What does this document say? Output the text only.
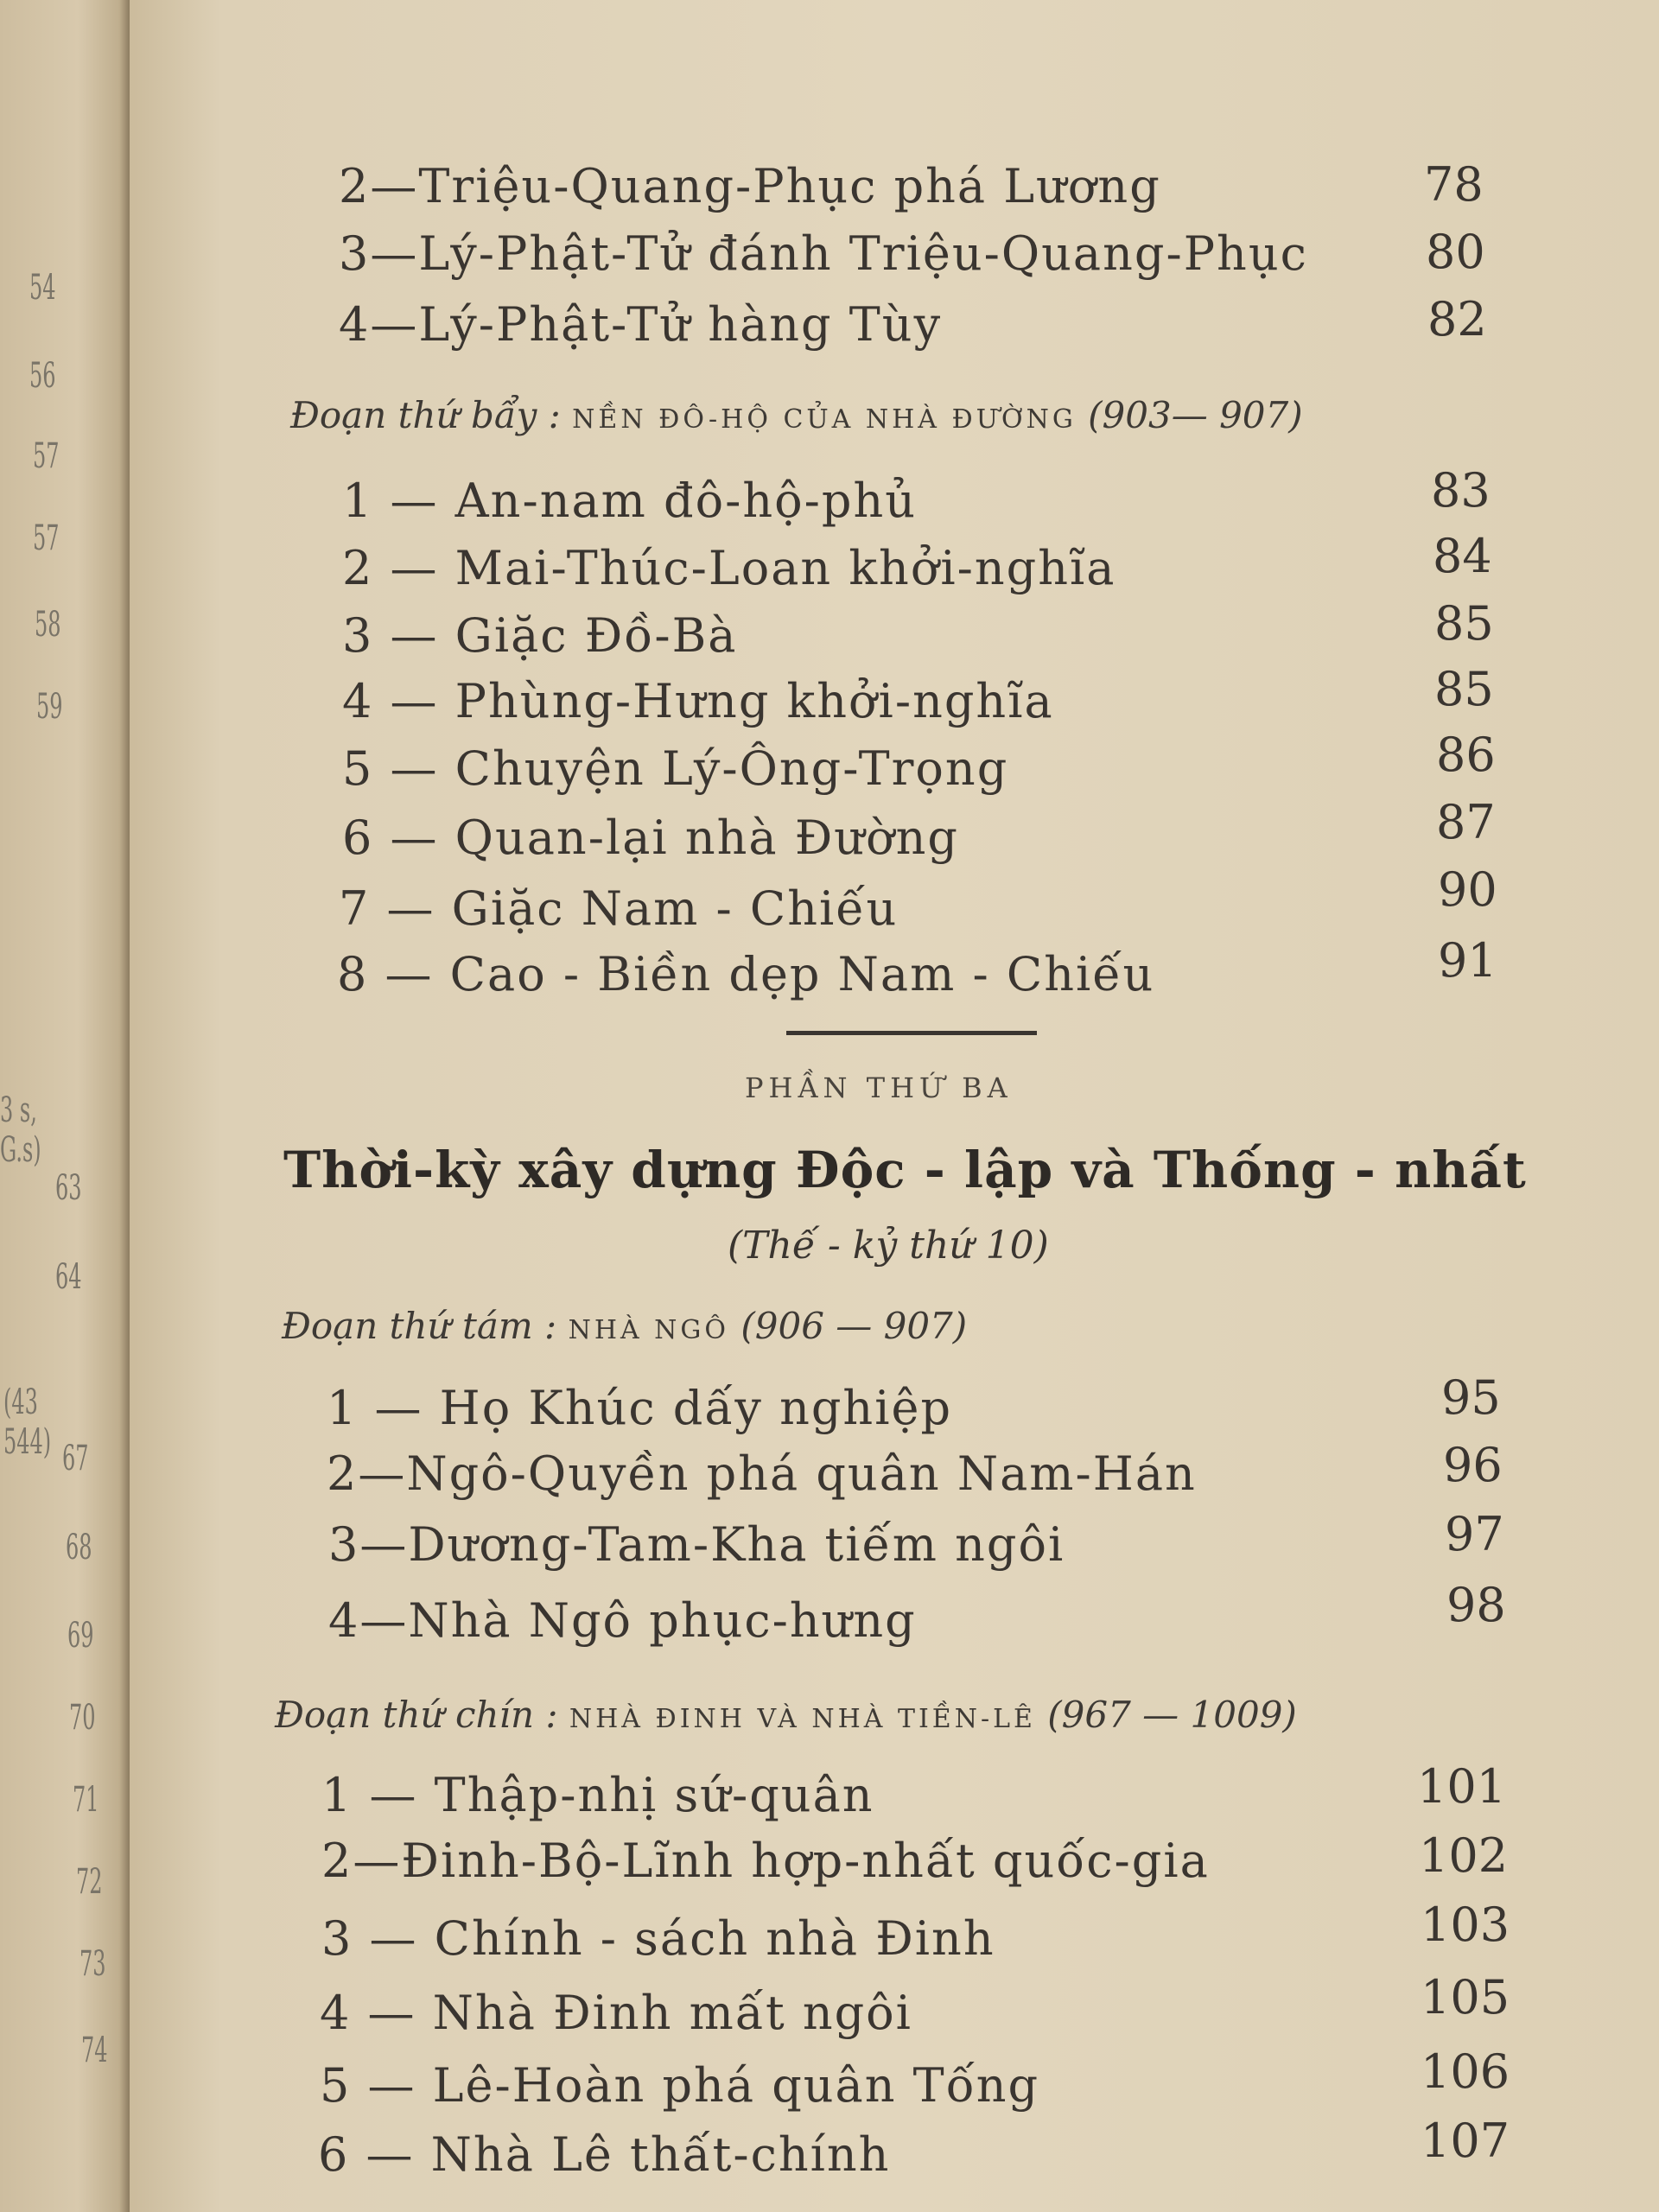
54
56
57
57
58
59
3 s, G.s)
63
64
(43 544) 67
68
69
70
71
72
73
74
2—Triệu-Quang-Phục phá Lương	78
3—Lý-Phật-Tử đánh Triệu-Quang-Phục	80
4—Lý-Phật-Tử hàng Tùy	82
Đoạn thứ bẩy : NỀN ĐÔ-HỘ CỦA NHÀ ĐƯỜNG (903— 907)
1 — An-nam đô-hộ-phủ	83
2 — Mai-Thúc-Loan khởi-nghĩa	84
3 — Giặc Đồ-Bà	85
4 — Phùng-Hưng khởi-nghĩa	85
5 — Chuyện Lý-Ông-Trọng	86
6 — Quan-lại nhà Đường	87
7 — Giặc Nam - Chiếu	90
8 — Cao - Biền dẹp Nam - Chiếu	91
PHẦN THỨ BA
Thời-kỳ xây dựng Độc - lập và Thống - nhất
(Thế - kỷ thứ 10)
Đoạn thứ tám : NHÀ NGÔ (906 — 907)
1 — Họ Khúc dấy nghiệp	95
2—Ngô-Quyền phá quân Nam-Hán	96
3—Dương-Tam-Kha tiếm ngôi	97
4—Nhà Ngô phục-hưng	98
Đoạn thứ chín : NHÀ ĐINH VÀ NHÀ TIỀN-LÊ (967 — 1009)
1 — Thập-nhị sứ-quân	101
2—Đinh-Bộ-Lĩnh hợp-nhất quốc-gia	102
3 — Chính - sách nhà Đinh	103
4 — Nhà Đinh mất ngôi	105
5 — Lê-Hoàn phá quân Tống	106
6 — Nhà Lê thất-chính	107
